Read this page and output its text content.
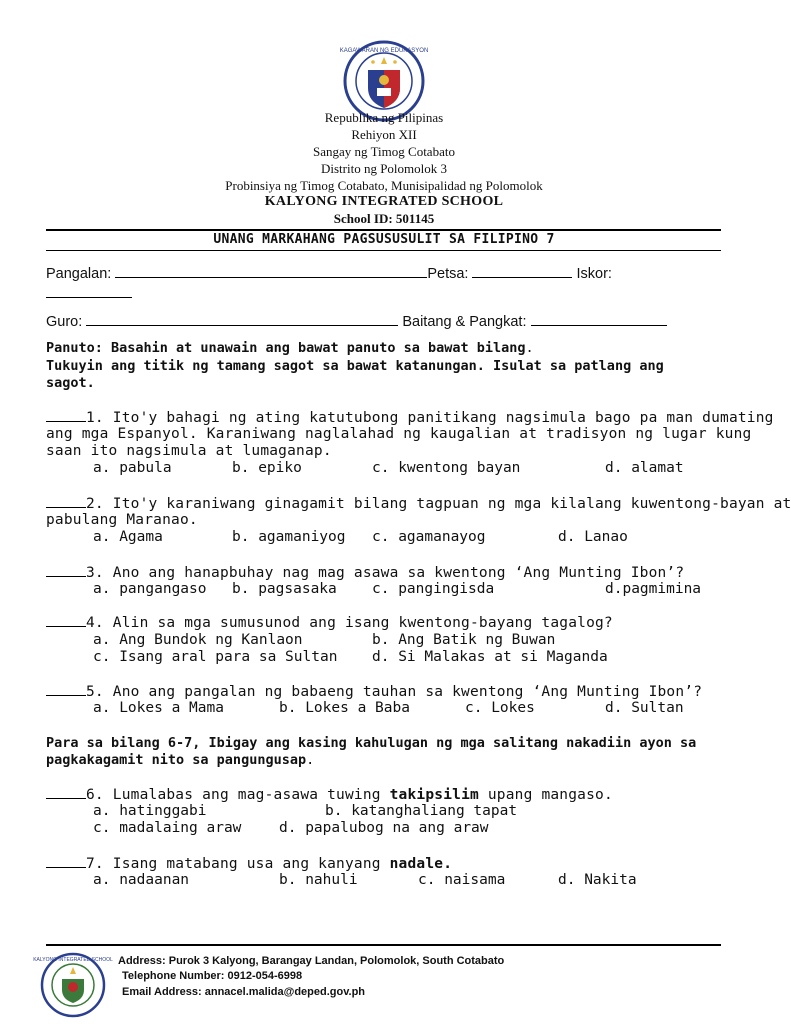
KAGAWARAN NG EDUKASYON
Republika ng Pilipinas
Rehiyon XII
Sangay ng Timog Cotabato
Distrito ng Polomolok 3
Probinsiya ng Timog Cotabato, Munisipalidad ng Polomolok
KALYONG INTEGRATED SCHOOL
School ID: 501145
UNANG MARKAHANG PAGSUSUSULIT SA FILIPINO 7
Pangalan:	Petsa:	Iskor:
Guro:	Baitang & Pangkat:
Panuto: Basahin at unawain ang bawat panuto sa bawat bilang.
Tukuyin ang titik ng tamang sagot sa bawat katanungan. Isulat sa patlang ang
sagot.
1. Ito'y bahagi ng ating katutubong panitikang nagsimula bago pa man dumating
ang mga Espanyol. Karaniwang naglalahad ng kaugalian at tradisyon ng lugar kung
saan ito nagsimula at lumaganap.
a. pabula	b. epiko	c. kwentong bayan	d. alamat
2. Ito'y karaniwang ginagamit bilang tagpuan ng mga kilalang kuwentong-bayan at
pabulang Maranao.
a. Agama	b. agamaniyog c. agamanayog	d. Lanao
3. Ano ang hanapbuhay nag mag asawa sa kwentong ‘Ang Munting Ibon’?
a. pangangaso b. pagsasaka c. pangingisda	d.pagmimina
4. Alin sa mga sumusunod ang isang kwentong-bayang tagalog?
a. Ang Bundok ng Kanlaon	b. Ang Batik ng Buwan
c. Isang aral para sa Sultan d. Si Malakas at si Maganda
5. Ano ang pangalan ng babaeng tauhan sa kwentong ‘Ang Munting Ibon’?
a. Lokes a Mama	b. Lokes a Baba	c. Lokes	d. Sultan
Para sa bilang 6-7, Ibigay ang kasing kahulugan ng mga salitang nakadiin ayon sa
pagkakagamit nito sa pangungusap.
6. Lumalabas ang mag-asawa tuwing takipsilim upang mangaso.
a. hatinggabi	b. katanghaliang tapat
c. madalaing araw	d. papalubog na ang araw
7. Isang matabang usa ang kanyang nadale.
a. nadaanan	b. nahuli	c. naisama	d. Nakita
KALYONG INTEGRATED SCHOOL Address: Purok 3 Kalyong, Barangay Landan, Polomolok, South Cotabato
Telephone Number: 0912-054-6998
Email Address: annacel.malida@deped.gov.ph
